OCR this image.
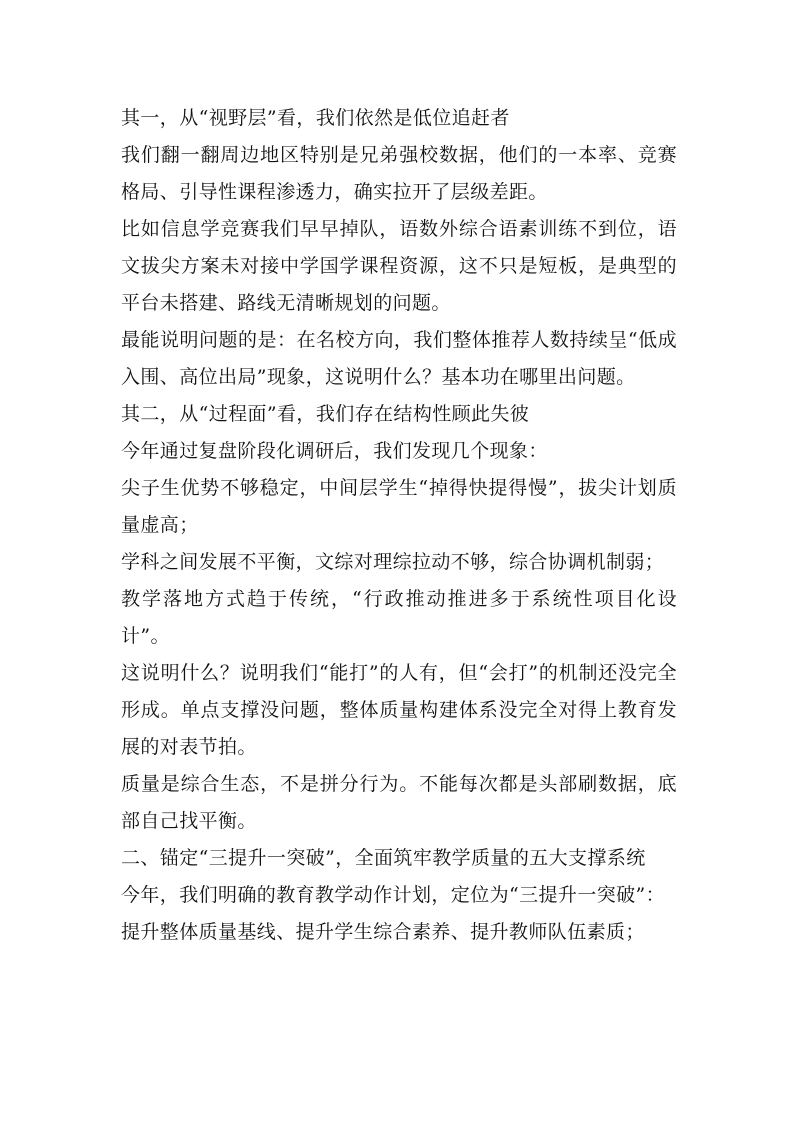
其一，从“视野层”看，我们依然是低位追赶者

我们翻一翻周边地区特别是兄弟强校数据，他们的一本率、竞赛格局、引导性课程渗透力，确实拉开了层级差距。

比如信息学竞赛我们早早掉队，语数外综合语素训练不到位，语文拔尖方案未对接中学国学课程资源，这不只是短板，是典型的平台未搭建、路线无清晰规划的问题。

最能说明问题的是：在名校方向，我们整体推荐人数持续呈“低成入围、高位出局”现象，这说明什么？基本功在哪里出问题。

其二，从“过程面”看，我们存在结构性顾此失彼

今年通过复盘阶段化调研后，我们发现几个现象：

尖子生优势不够稳定，中间层学生“掉得快提得慢”，拔尖计划质量虚高；

学科之间发展不平衡，文综对理综拉动不够，综合协调机制弱；

教学落地方式趋于传统，“行政推动推进多于系统性项目化设计”。

这说明什么？说明我们“能打”的人有，但“会打”的机制还没完全形成。单点支撑没问题，整体质量构建体系没完全对得上教育发展的对表节拍。

质量是综合生态，不是拼分行为。不能每次都是头部刷数据，底部自己找平衡。

二、锚定“三提升一突破”，全面筑牢教学质量的五大支撑系统

今年，我们明确的教育教学动作计划，定位为“三提升一突破”：

提升整体质量基线、提升学生综合素养、提升教师队伍素质；
